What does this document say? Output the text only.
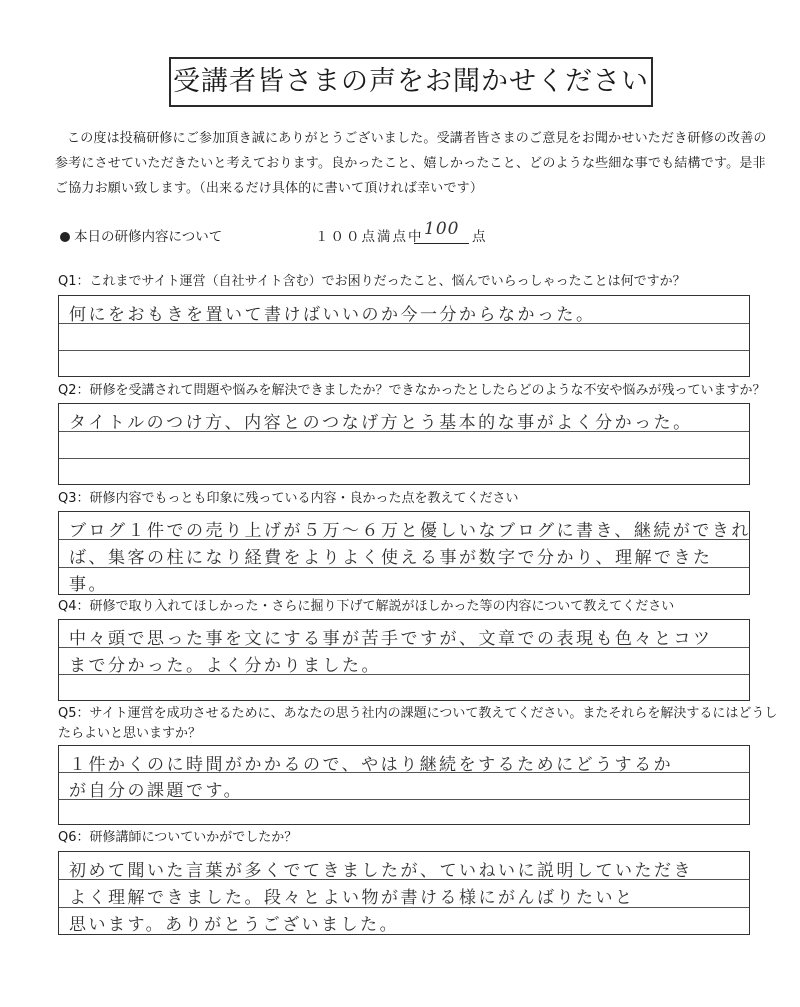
受講者皆さまの声をお聞かせください
この度は投稿研修にご参加頂き誠にありがとうございました。受講者皆さまのご意見をお聞かせいただき研修の改善の参考にさせていただきたいと考えております。良かったこと、嬉しかったこと、どのような些細な事でも結構です。是非ご協力お願い致します。（出来るだけ具体的に書いて頂ければ幸いです）
本日の研修内容について	１００点満点中 100 点
Q1：これまでサイト運営（自社サイト含む）でお困りだったこと、悩んでいらっしゃったことは何ですか？
何にをおもきを置いて書けばいいのか今一分からなかった。
Q2：研修を受講されて問題や悩みを解決できましたか？できなかったとしたらどのような不安や悩みが残っていますか？
タイトルのつけ方、内容とのつなげ方とう基本的な事がよく分かった。
Q3：研修内容でもっとも印象に残っている内容・良かった点を教えてください
ブログ１件での売り上げが５万～６万と優しいなブログに書き、継続ができれ
ば、集客の柱になり経費をよりよく使える事が数字で分かり、理解できた
事。
Q4：研修で取り入れてほしかった・さらに掘り下げて解説がほしかった等の内容について教えてください
中々頭で思った事を文にする事が苦手ですが、文章での表現も色々とコツ
まで分かった。よく分かりました。
Q5：サイト運営を成功させるために、あなたの思う社内の課題について教えてください。またそれらを解決するにはどうしたらよいと思いますか？
１件かくのに時間がかかるので、やはり継続をするためにどうするか
が自分の課題です。
Q6：研修講師についていかがでしたか？
初めて聞いた言葉が多くでてきましたが、ていねいに説明していただき
よく理解できました。段々とよい物が書ける様にがんばりたいと
思います。ありがとうございました。
